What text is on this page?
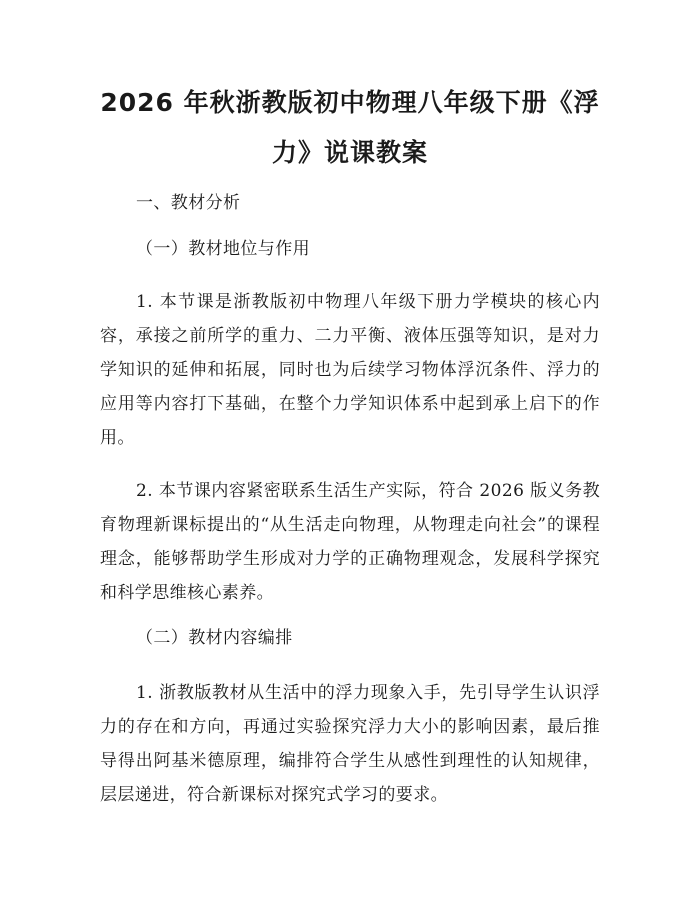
2026 年秋浙教版初中物理八年级下册《浮
力》说课教案
一、教材分析
（一）教材地位与作用
1. 本节课是浙教版初中物理八年级下册力学模块的核心内容，承接之前所学的重力、二力平衡、液体压强等知识，是对力学知识的延伸和拓展，同时也为后续学习物体浮沉条件、浮力的应用等内容打下基础，在整个力学知识体系中起到承上启下的作用。
2. 本节课内容紧密联系生活生产实际，符合 2026 版义务教育物理新课标提出的“从生活走向物理，从物理走向社会”的课程理念，能够帮助学生形成对力学的正确物理观念，发展科学探究和科学思维核心素养。
（二）教材内容编排
1. 浙教版教材从生活中的浮力现象入手，先引导学生认识浮力的存在和方向，再通过实验探究浮力大小的影响因素，最后推导得出阿基米德原理，编排符合学生从感性到理性的认知规律，层层递进，符合新课标对探究式学习的要求。
